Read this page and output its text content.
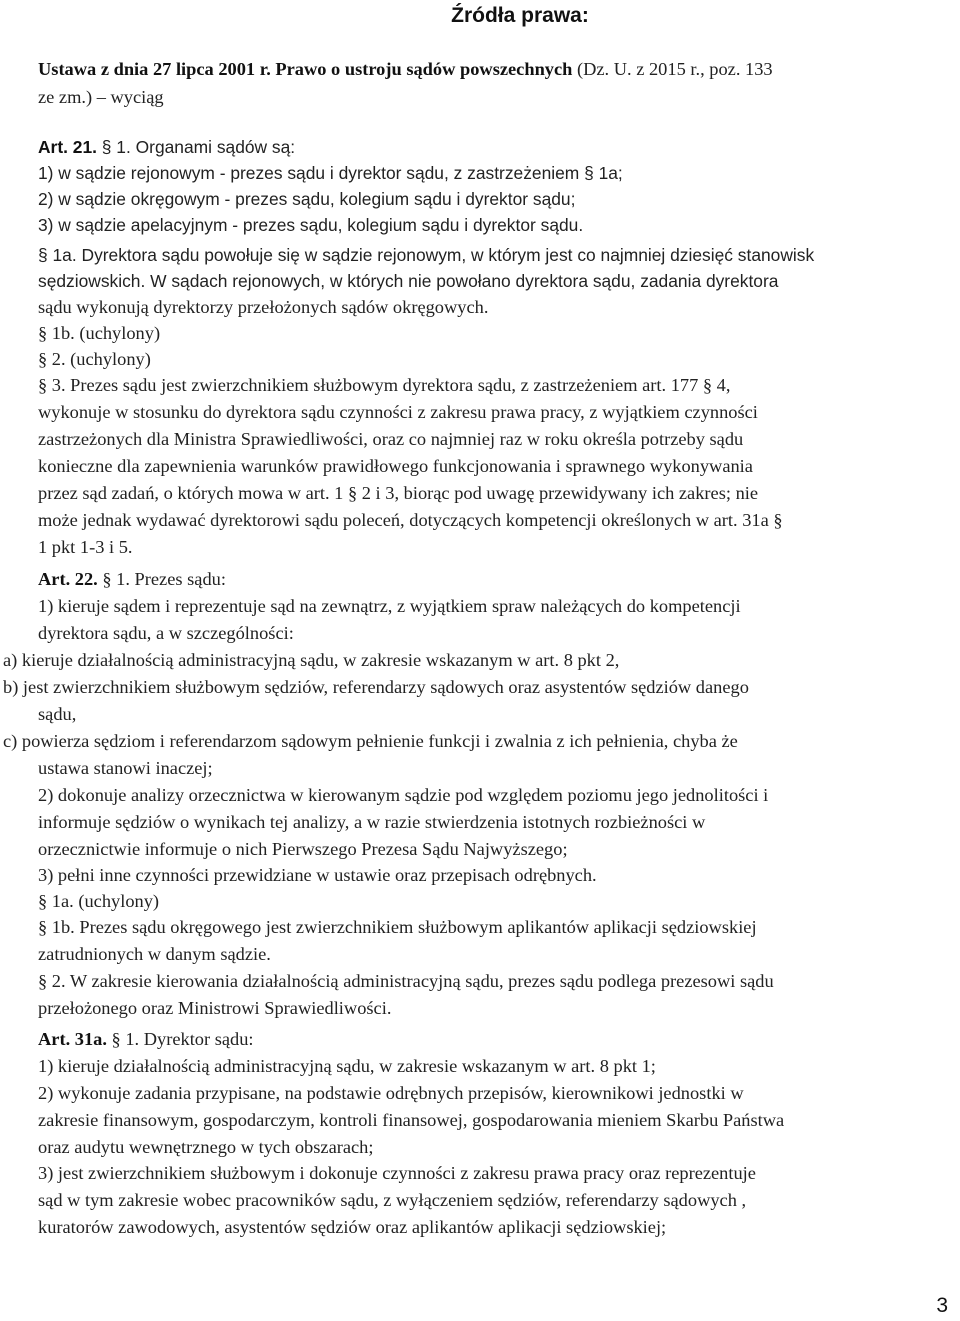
Źródła prawa:
Ustawa z dnia 27 lipca 2001 r. Prawo o ustroju sądów powszechnych (Dz. U. z 2015 r., poz. 133
ze zm.) – wyciąg
Art. 21. § 1. Organami sądów są:
1) w sądzie rejonowym - prezes sądu i dyrektor sądu, z zastrzeżeniem § 1a;
2) w sądzie okręgowym - prezes sądu, kolegium sądu i dyrektor sądu;
3) w sądzie apelacyjnym - prezes sądu, kolegium sądu i dyrektor sądu.
§ 1a. Dyrektora sądu powołuje się w sądzie rejonowym, w którym jest co najmniej dziesięć stanowisk
sędziowskich. W sądach rejonowych, w których nie powołano dyrektora sądu, zadania dyrektora
sądu wykonują dyrektorzy przełożonych sądów okręgowych.
§ 1b. (uchylony)
§ 2. (uchylony)
§ 3. Prezes sądu jest zwierzchnikiem służbowym dyrektora sądu, z zastrzeżeniem art. 177 § 4,
wykonuje w stosunku do dyrektora sądu czynności z zakresu prawa pracy, z wyjątkiem czynności
zastrzeżonych dla Ministra Sprawiedliwości, oraz co najmniej raz w roku określa potrzeby sądu
konieczne dla zapewnienia warunków prawidłowego funkcjonowania i sprawnego wykonywania
przez sąd zadań, o których mowa w art. 1 § 2 i 3, biorąc pod uwagę przewidywany ich zakres; nie
może jednak wydawać dyrektorowi sądu poleceń, dotyczących kompetencji określonych w art. 31a §
1 pkt 1-3 i 5.
Art. 22. § 1. Prezes sądu:
1) kieruje sądem i reprezentuje sąd na zewnątrz, z wyjątkiem spraw należących do kompetencji
dyrektora sądu, a w szczególności:
a) kieruje działalnością administracyjną sądu, w zakresie wskazanym w art. 8 pkt 2,
b) jest zwierzchnikiem służbowym sędziów, referendarzy sądowych oraz asystentów sędziów danego
sądu,
c) powierza sędziom i referendarzom sądowym pełnienie funkcji i zwalnia z ich pełnienia, chyba że
ustawa stanowi inaczej;
2) dokonuje analizy orzecznictwa w kierowanym sądzie pod względem poziomu jego jednolitości i
informuje sędziów o wynikach tej analizy, a w razie stwierdzenia istotnych rozbieżności w
orzecznictwie informuje o nich Pierwszego Prezesa Sądu Najwyższego;
3) pełni inne czynności przewidziane w ustawie oraz przepisach odrębnych.
§ 1a. (uchylony)
§ 1b. Prezes sądu okręgowego jest zwierzchnikiem służbowym aplikantów aplikacji sędziowskiej
zatrudnionych w danym sądzie.
§ 2. W zakresie kierowania działalnością administracyjną sądu, prezes sądu podlega prezesowi sądu
przełożonego oraz Ministrowi Sprawiedliwości.
Art. 31a. § 1. Dyrektor sądu:
1) kieruje działalnością administracyjną sądu, w zakresie wskazanym w art. 8 pkt 1;
2) wykonuje zadania przypisane, na podstawie odrębnych przepisów, kierownikowi jednostki w
zakresie finansowym, gospodarczym, kontroli finansowej, gospodarowania mieniem Skarbu Państwa
oraz audytu wewnętrznego w tych obszarach;
3) jest zwierzchnikiem służbowym i dokonuje czynności z zakresu prawa pracy oraz reprezentuje
sąd w tym zakresie wobec pracowników sądu, z wyłączeniem sędziów, referendarzy sądowych ,
kuratorów zawodowych, asystentów sędziów oraz aplikantów aplikacji sędziowskiej;
3
